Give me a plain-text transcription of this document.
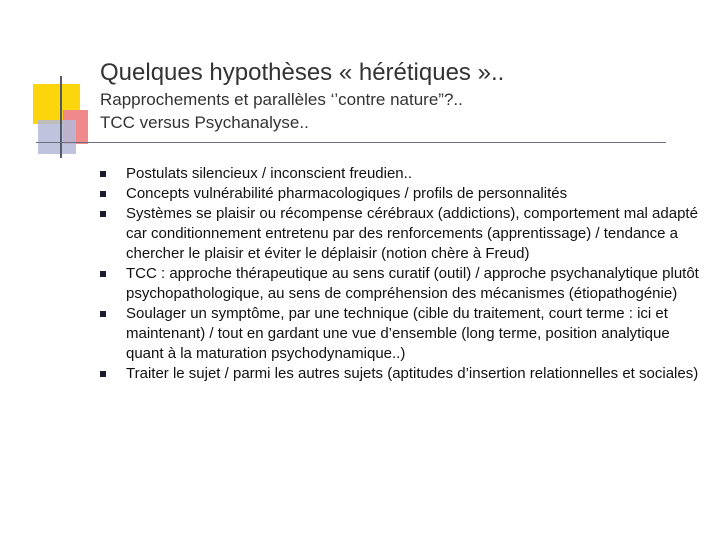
Quelques hypothèses « hérétiques »..
Rapprochements et parallèles ‘’contre nature”?..
TCC versus Psychanalyse..
Postulats silencieux / inconscient freudien..
Concepts vulnérabilité pharmacologiques / profils de personnalités
Systèmes se plaisir ou récompense cérébraux (addictions), comportement mal adapté car conditionnement entretenu par des renforcements (apprentissage) / tendance a chercher le plaisir et éviter le déplaisir (notion chère à Freud)
TCC : approche thérapeutique au sens curatif (outil) / approche psychanalytique plutôt psychopathologique, au sens de compréhension des mécanismes (étiopathogénie)
Soulager un symptôme, par une technique (cible du traitement, court terme : ici et maintenant) / tout en gardant une vue d’ensemble (long terme, position analytique quant à la maturation psychodynamique..)
Traiter le sujet / parmi les autres sujets (aptitudes d’insertion relationnelles et sociales)
